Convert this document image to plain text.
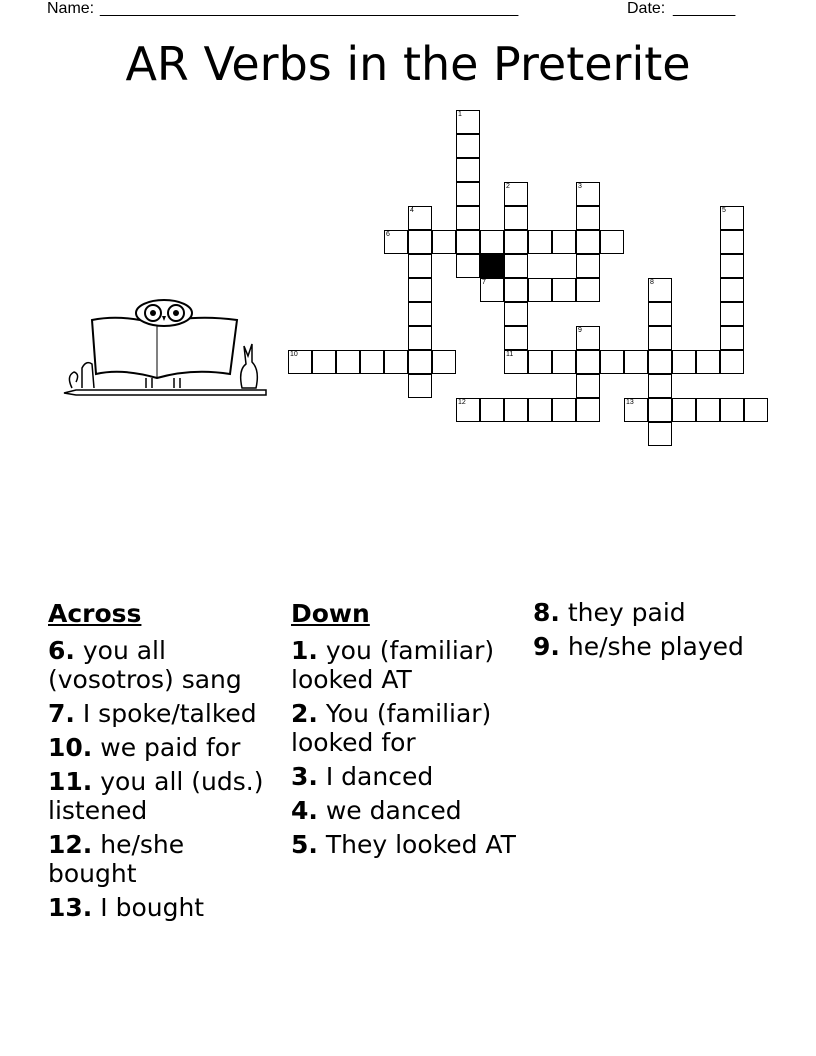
Name: _______________________________________________	Date: _______
AR Verbs in the Preterite
6
7
10	11
12	13
1
2	3
4	5
8
9
Across
6. you all (vosotros) sang
7. I spoke/talked
10. we paid for
11. you all (uds.) listened
12. he/she bought
13. I bought
Down
1. you (familiar) looked AT
2. You (familiar) looked for
3. I danced
4. we danced
5. They looked AT
8. they paid
9. he/she played
